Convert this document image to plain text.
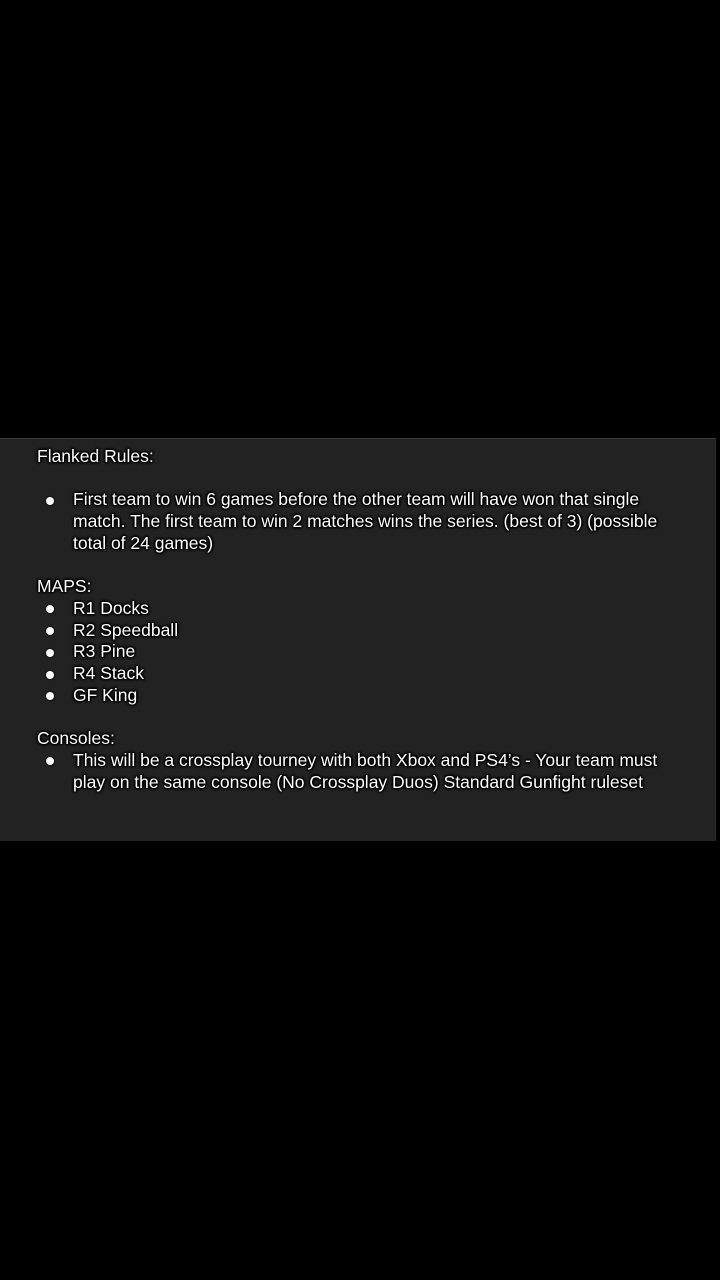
Flanked Rules:

First team to win 6 games before the other team will have won that single match. The first team to win 2 matches wins the series. (best of 3) (possible total of 24 games)

MAPS:

R1 Docks
R2 Speedball
R3 Pine
R4 Stack
GF King

Consoles:

This will be a crossplay tourney with both Xbox and PS4’s - Your team must play on the same console (No Crossplay Duos) Standard Gunfight ruleset
